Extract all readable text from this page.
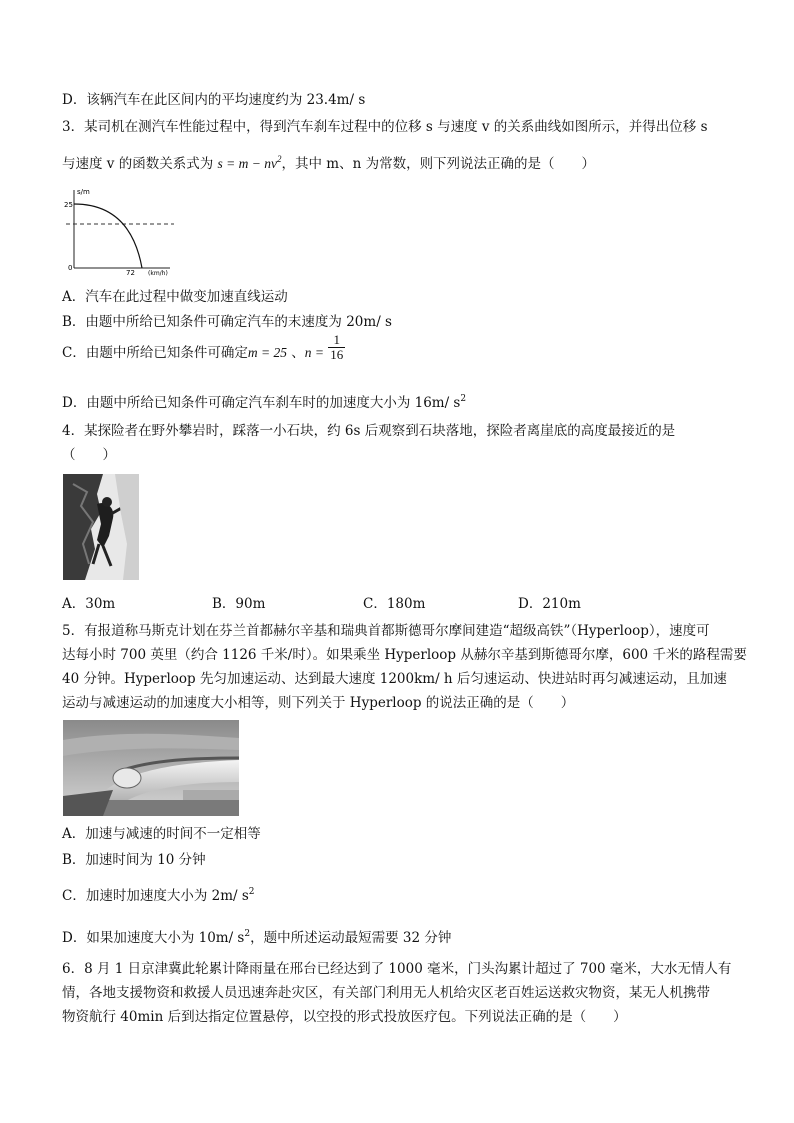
D．该辆汽车在此区间内的平均速度约为 23.4m/ s
3．某司机在测汽车性能过程中，得到汽车刹车过程中的位移 s 与速度 v 的关系曲线如图所示，并得出位移 s
与速度 v 的函数关系式为 $s = m - nv^2$，其中 m、n 为常数，则下列说法正确的是（　　）
s/m
25
0
72 (km/h)
A．汽车在此过程中做变加速直线运动
B．由题中所给已知条件可确定汽车的末速度为 20m/ s
C．由题中所给已知条件可确定m = 25 、$n = \frac{1}{16}$
D．由题中所给已知条件可确定汽车刹车时的加速度大小为 16m/ $s^2$
4．某探险者在野外攀岩时，踩落一小石块，约 6s 后观察到石块落地，探险者离崖底的高度最接近的是
（　　）
A．30m	B．90m	C．180m	D．210m
5．有报道称马斯克计划在芬兰首都赫尔辛基和瑞典首都斯德哥尔摩间建造“超级高铁”（Hyperloop），速度可
达每小时 700 英里（约合 1126 千米/时）。如果乘坐 Hyperloop 从赫尔辛基到斯德哥尔摩，600 千米的路程需要
40 分钟。Hyperloop 先匀加速运动、达到最大速度 1200km/ h 后匀速运动、快进站时再匀减速运动，且加速
运动与减速运动的加速度大小相等，则下列关于 Hyperloop 的说法正确的是（　　）
A．加速与减速的时间不一定相等
B．加速时间为 10 分钟
C．加速时加速度大小为 2m/ $s^2$
D．如果加速度大小为 10m/ $s^2$，题中所述运动最短需要 32 分钟
6．8 月 1 日京津冀此轮累计降雨量在邢台已经达到了 1000 毫米，门头沟累计超过了 700 毫米，大水无情人有
情，各地支援物资和救援人员迅速奔赴灾区，有关部门利用无人机给灾区老百姓运送救灾物资，某无人机携带
物资航行 40min 后到达指定位置悬停，以空投的形式投放医疗包。下列说法正确的是（　　）
